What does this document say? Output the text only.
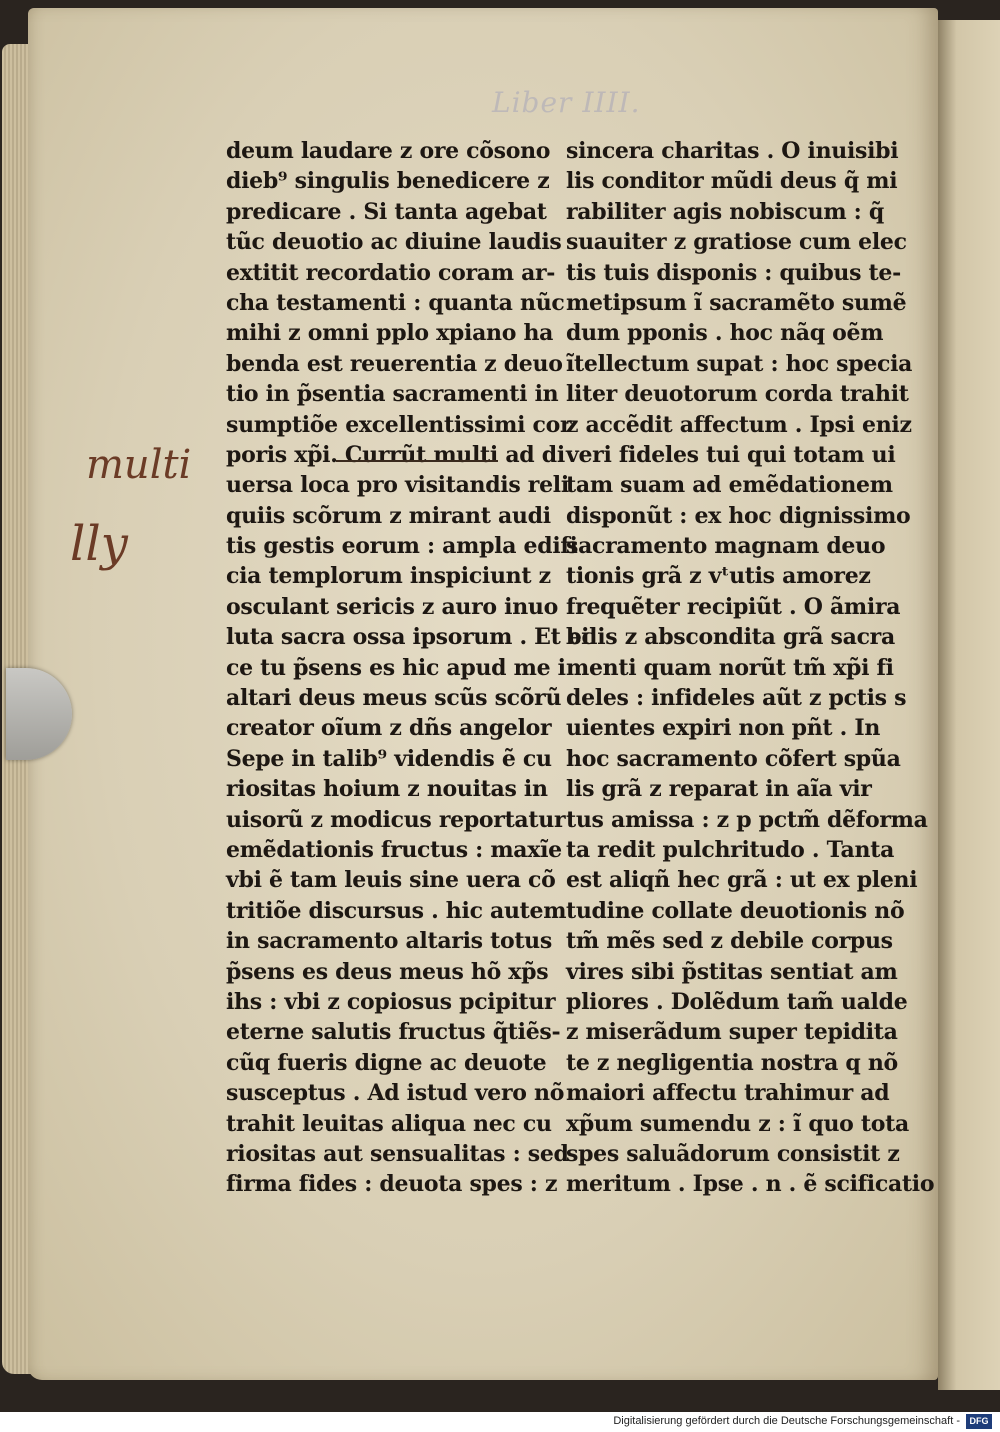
Liber IIII.
deum laudare z ore cõsono
dieb⁹ singulis benedicere z
predicare . Si tanta agebat
tũc deuotio ac diuine laudis
extitit recordatio coram ar-
cha testamenti : quanta nũc
mihi z omni pplo xpiano ha
benda est reuerentia z deuo
tio in p̃sentia sacramenti in
sumptiõe excellentissimi cor
poris xp̃i. Currũt multi ad di
uersa loca pro visitandis reli
quiis scõrum z mirant audi
tis gestis eorum : ampla edifi
cia templorum inspiciunt z
osculant sericis z auro inuo
luta sacra ossa ipsorum . Et ec
ce tu p̃sens es hic apud me i
altari deus meus scũs scõrũ
creator oĩum z dñs angelor
Sepe in talib⁹ videndis ẽ cu
riositas hoium z nouitas in
uisorũ z modicus reportatur
emẽdationis fructus : maxĩe
vbi ẽ tam leuis sine uera cõ
tritiõe discursus . hic autem
in sacramento altaris totus
p̃sens es deus meus hõ xp̃s
ihs : vbi z copiosus pcipitur
eterne salutis fructus q̃tiẽs-
cũq fueris digne ac deuote
susceptus . Ad istud vero nõ
trahit leuitas aliqua nec cu
riositas aut sensualitas : sed
firma fides : deuota spes : z
sincera charitas . O inuisibi
lis conditor mũdi deus q̃ mi
rabiliter agis nobiscum : q̃
suauiter z gratiose cum elec
tis tuis disponis : quibus te-
metipsum ĩ sacramẽto sumẽ
dum pponis . hoc nãq oẽm
ĩtellectum supat : hoc specia
liter deuotorum corda trahit
z accẽdit affectum . Ipsi eniz
veri fideles tui qui totam ui
tam suam ad emẽdationem
disponũt : ex hoc dignissimo
sacramento magnam deuo
tionis grã z vᵗutis amorez
frequẽter recipiũt . O ãmira
bilis z abscondita grã sacra
menti quam norũt tm̃ xp̃i fi
deles : infideles aũt z pctis s
uientes expiri non pñt . In
hoc sacramento cõfert spũa
lis grã z reparat in aĩa vir
tus amissa : z p pctm̃ dẽforma
ta redit pulchritudo . Tanta
est aliqñ hec grã : ut ex pleni
tudine collate deuotionis nõ
tm̃ mẽs sed z debile corpus
vires sibi p̃stitas sentiat am
pliores . Dolẽdum tam̃ ualde
z miserãdum super tepidita
te z negligentia nostra q nõ
maiori affectu trahimur ad
xp̃um sumendu z : ĩ quo tota
spes saluãdorum consistit z
meritum . Ipse . n . ẽ scificatio
multi
lly
Digitalisierung gefördert durch die Deutsche Forschungsgemeinschaft -	DFG
